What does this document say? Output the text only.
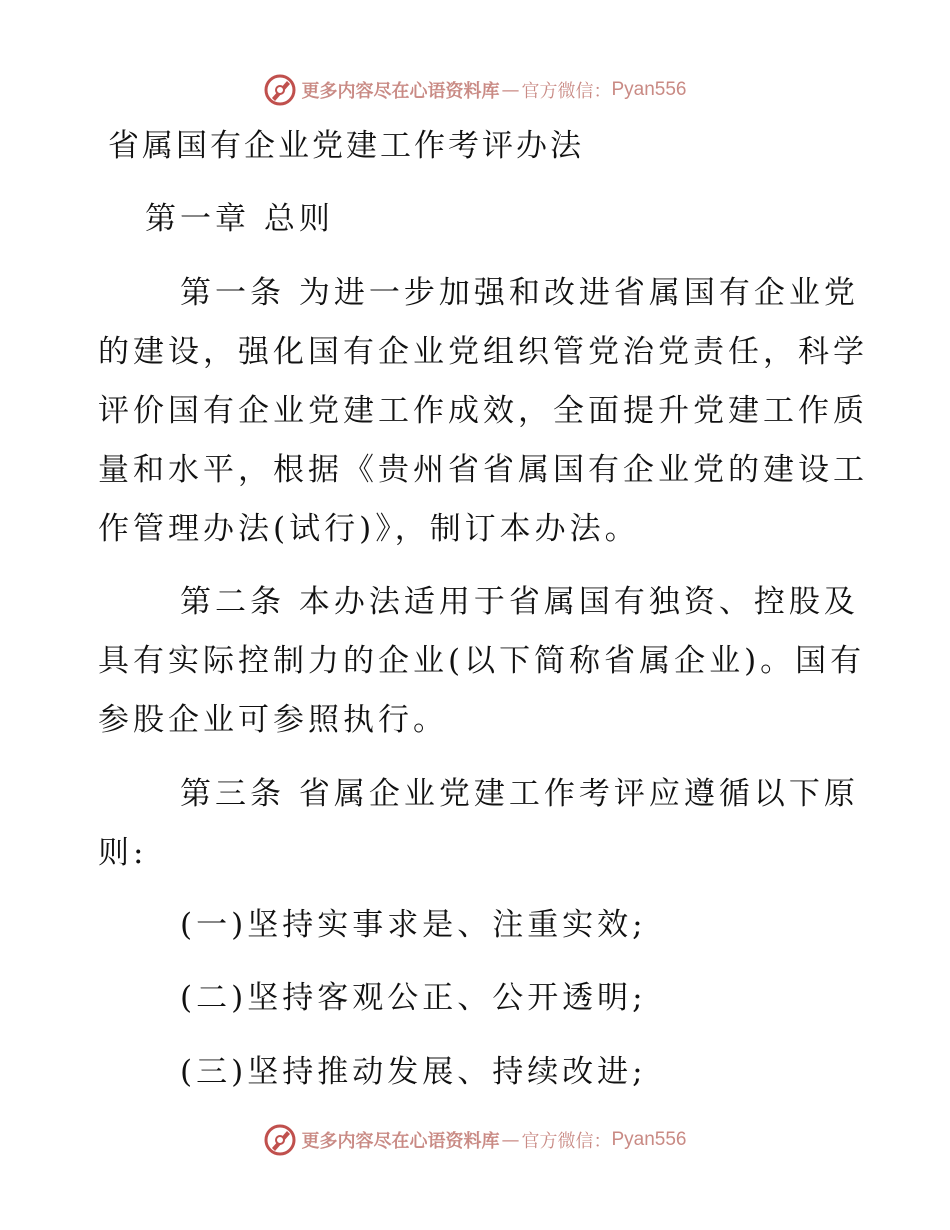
更多内容尽在心语资料库 — 官方微信： Pyan556
省属国有企业党建工作考评办法
第一章 总则
第一条 为进一步加强和改进省属国有企业党
的建设，强化国有企业党组织管党治党责任，科学
评价国有企业党建工作成效，全面提升党建工作质
量和水平，根据《贵州省省属国有企业党的建设工
作管理办法(试行)》，制订本办法。
第二条 本办法适用于省属国有独资、控股及
具有实际控制力的企业(以下简称省属企业)。国有
参股企业可参照执行。
第三条 省属企业党建工作考评应遵循以下原
则:
(一)坚持实事求是、注重实效;
(二)坚持客观公正、公开透明;
(三)坚持推动发展、持续改进;
更多内容尽在心语资料库 — 官方微信： Pyan556
